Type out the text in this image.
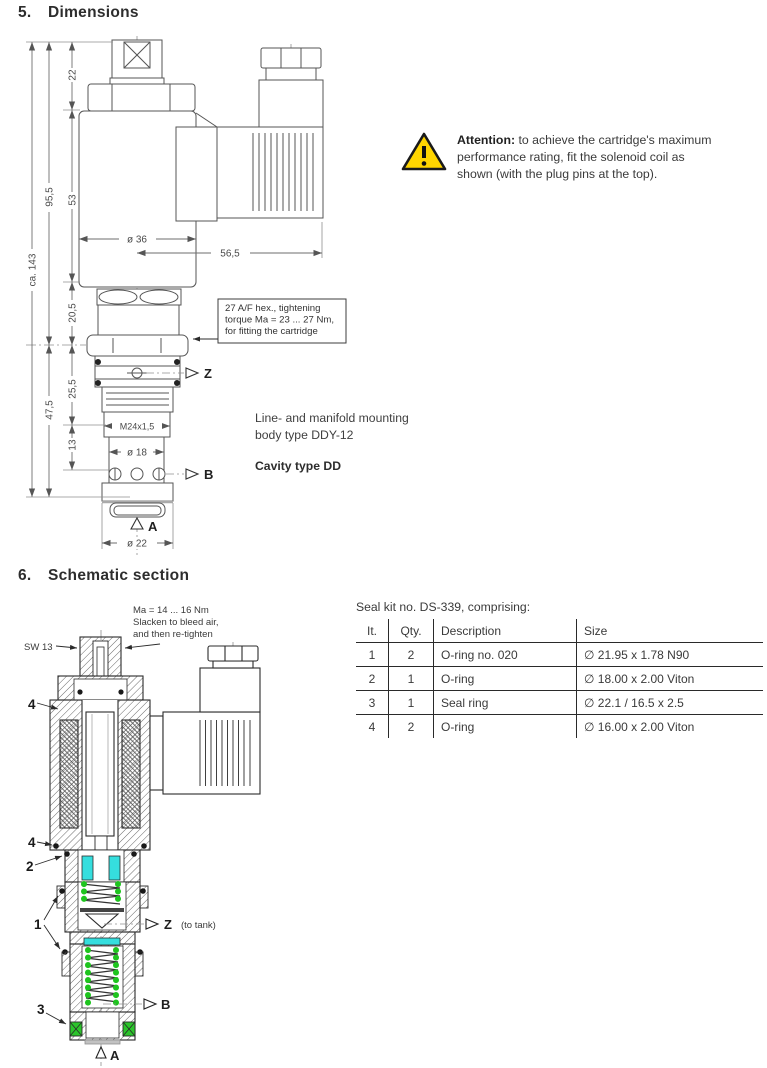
ca. 143
95,5
47,5
22
53
20,5
25,5
13
ø 36
56,5
M24x1,5
ø 18
ø 22
27 A/F hex., tightening
torque Ma = 23 ... 27 Nm,
for fitting the cartridge
Z
B
A
Ma = 14 ... 16 Nm
Slacken to bleed air,
and then re-tighten
SW 13
4
4
2
1
3
Z (to tank)
B
A
5. Dimensions
6. Schematic section
Attention: to achieve the cartridge's maximum performance rating, fit the solenoid coil as shown (with the plug pins at the top).
Line- and manifold mounting
body type DDY-12
Cavity type DD
Seal kit no. DS-339, comprising:
It.	Qty.	Description	Size
1	2	O-ring no. 020	∅ 21.95 x 1.78 N90
2	1	O-ring	∅ 18.00 x 2.00 Viton
3	1	Seal ring	∅ 22.1 / 16.5 x 2.5
4	2	O-ring	∅ 16.00 x 2.00 Viton
